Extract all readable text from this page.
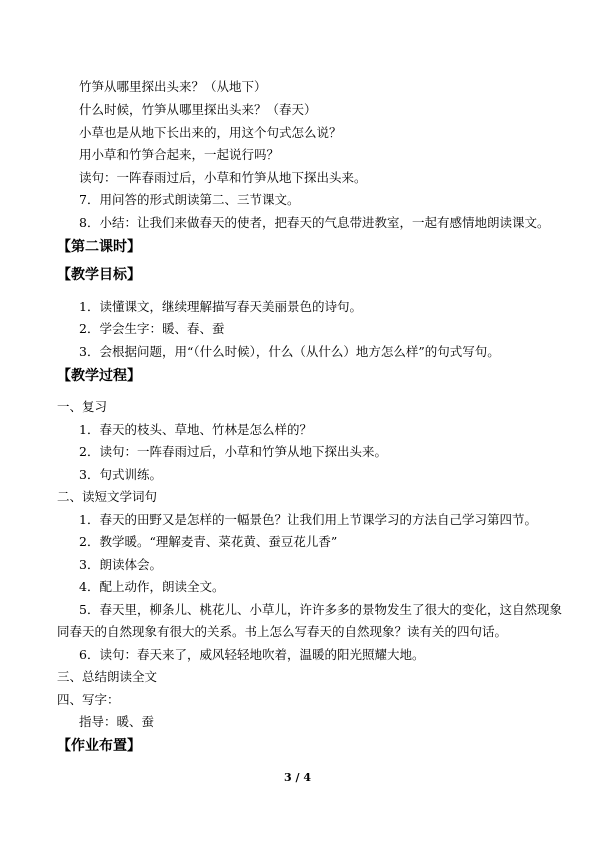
竹笋从哪里探出头来？（从地下）
什么时候，竹笋从哪里探出头来？（春天）
小草也是从地下长出来的，用这个句式怎么说？
用小草和竹笋合起来，一起说行吗？
读句：一阵春雨过后，小草和竹笋从地下探出头来。
7．用问答的形式朗读第二、三节课文。
8．小结：让我们来做春天的使者，把春天的气息带进教室，一起有感情地朗读课文。
【第二课时】
【教学目标】
1．读懂课文，继续理解描写春天美丽景色的诗句。
2．学会生字：暖、春、蚕
3．会根据问题，用“（什么时候），什么（从什么）地方怎么样”的句式写句。
【教学过程】
一、复习
1．春天的枝头、草地、竹林是怎么样的？
2．读句：一阵春雨过后，小草和竹笋从地下探出头来。
3．句式训练。
二、读短文学词句
1．春天的田野又是怎样的一幅景色？让我们用上节课学习的方法自己学习第四节。
2．教学暖。“理解麦青、菜花黄、蚕豆花儿香”
3．朗读体会。
4．配上动作，朗读全文。
5．春天里，柳条儿、桃花儿、小草儿，许许多多的景物发生了很大的变化，这自然现象
同春天的自然现象有很大的关系。书上怎么写春天的自然现象？读有关的四句话。
6．读句：春天来了，威风轻轻地吹着，温暖的阳光照耀大地。
三、总结朗读全文
四、写字：
指导：暖、蚕
【作业布置】
3 / 4
